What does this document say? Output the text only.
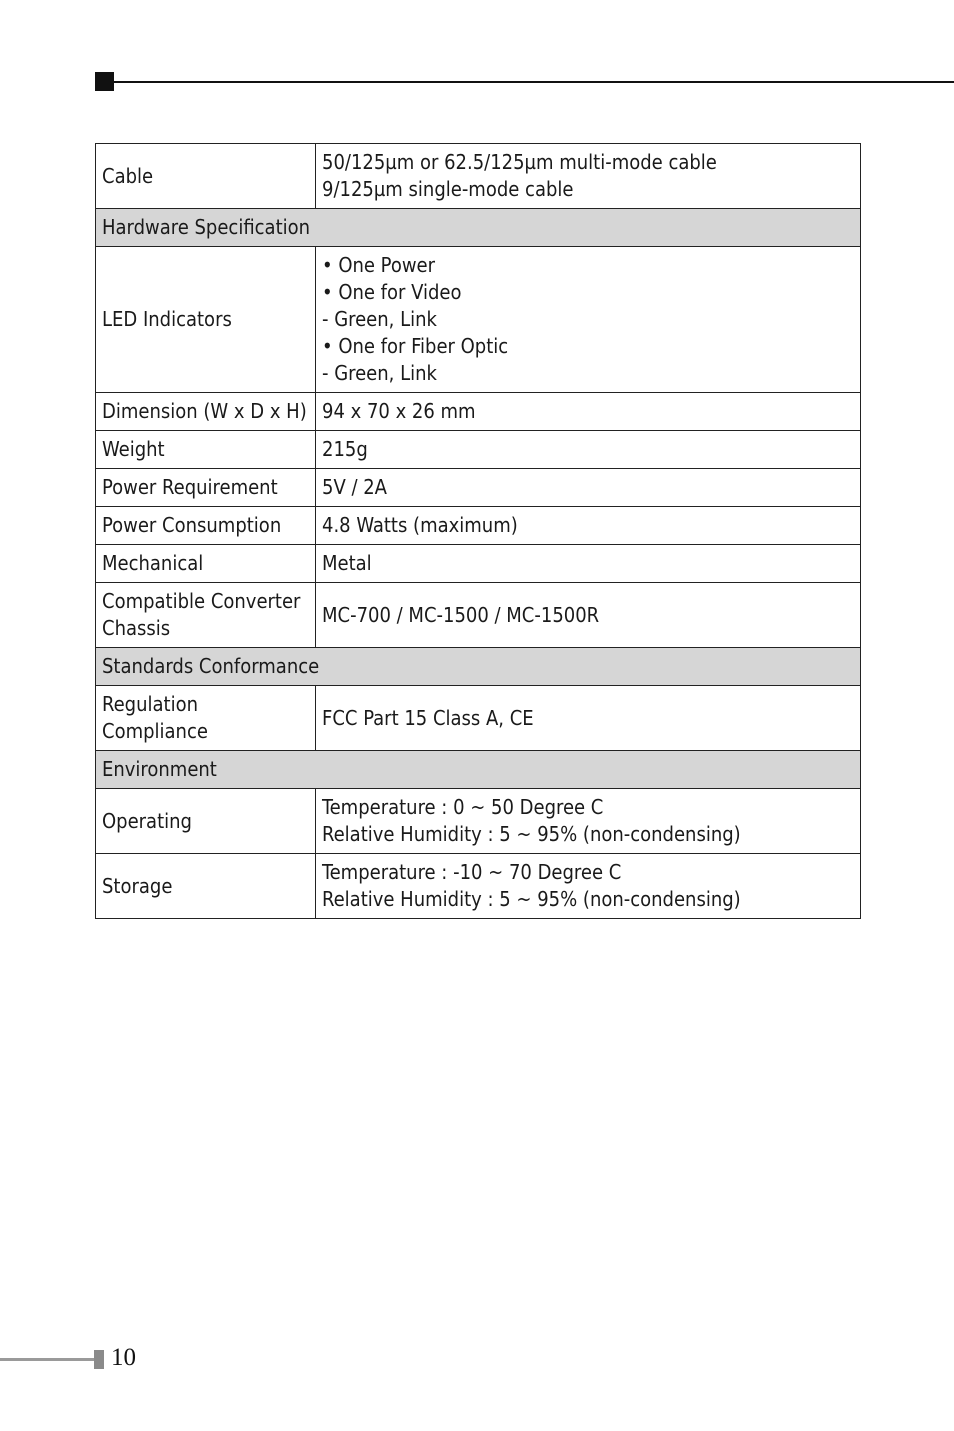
Cable	50/125µm or 62.5/125µm multi-mode cable
9/125µm single-mode cable
Hardware Specification	
LED Indicators	• One Power
• One for Video
- Green, Link
• One for Fiber Optic
- Green, Link
Dimension (W x D x H)	94 x 70 x 26 mm
Weight	215g
Power Requirement	5V / 2A
Power Consumption	4.8 Watts (maximum)
Mechanical	Metal
Compatible Converter
Chassis	MC-700 / MC-1500 / MC-1500R
Standards Conformance	
Regulation Compliance	FCC Part 15 Class A, CE
Environment	
Operating	Temperature : 0 ~ 50 Degree C
Relative Humidity : 5 ~ 95% (non-condensing)
Storage	Temperature : -10 ~ 70 Degree C
Relative Humidity : 5 ~ 95% (non-condensing)
10
